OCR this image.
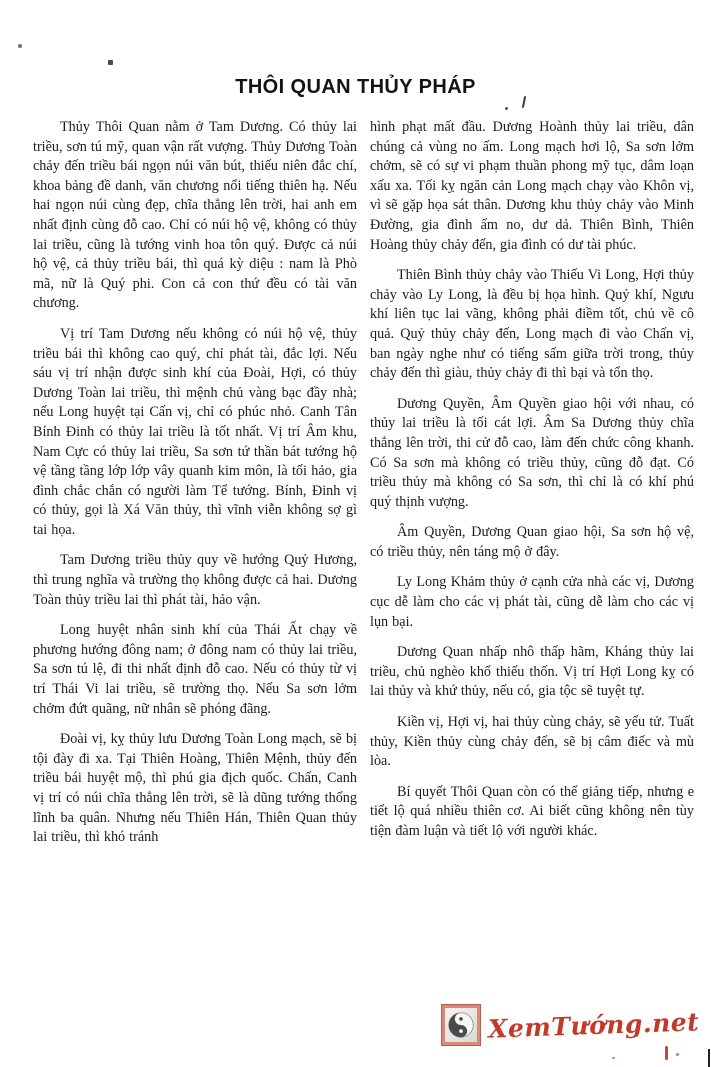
THÔI QUAN THỦY PHÁP

Thủy Thôi Quan nằm ở Tam Dương. Có thủy lai triều, sơn tú mỹ, quan vận rất vượng. Thủy Dương Toàn chảy đến triều bái ngọn núi văn bút, thiếu niên đắc chí, khoa bảng đề danh, văn chương nổi tiếng thiên hạ. Nếu hai ngọn núi cùng đẹp, chĩa thẳng lên trời, hai anh em nhất định cùng đỗ cao. Chỉ có núi hộ vệ, không có thủy lai triều, cũng là tướng vinh hoa tôn quý. Được cả núi hộ vệ, cả thủy triều bái, thì quá kỳ diệu : nam là Phò mã, nữ là Quý phi. Con cả con thứ đều có tài văn chương.

Vị trí Tam Dương nếu không có núi hộ vệ, thủy triều bái thì không cao quý, chỉ phát tài, đắc lợi. Nếu sáu vị trí nhận được sinh khí của Đoài, Hợi, có thủy Dương Toàn lai triều, thì mệnh chủ vàng bạc đầy nhà; nếu Long huyệt tại Cấn vị, chỉ có phúc nhỏ. Canh Tân Bính Đinh có thủy lai triều là tốt nhất. Vị trí Âm khu, Nam Cực có thủy lai triều, Sa sơn tứ thần bát tướng hộ vệ tầng tầng lớp lớp vây quanh kim môn, là tối hảo, gia đình chắc chắn có người làm Tể tướng. Bính, Đinh vị có thủy, gọi là Xá Văn thủy, thì vĩnh viễn không sợ gì tai họa.

Tam Dương triều thủy quy về hướng Quỷ Hương, thì trung nghĩa và trường thọ không được cả hai. Dương Toàn thủy triều lai thì phát tài, hảo vận.

Long huyệt nhân sinh khí của Thái Ất chạy về phương hướng đông nam; ở đông nam có thủy lai triều, Sa sơn tú lệ, đi thi nhất định đỗ cao. Nếu có thủy từ vị trí Thái Vi lai triều, sẽ trường thọ. Nếu Sa sơn lởm chởm đứt quãng, nữ nhân sẽ phóng đãng.

Đoài vị, kỵ thủy lưu Dương Toàn Long mạch, sẽ bị tội đày đi xa. Tại Thiên Hoàng, Thiên Mệnh, thủy đến triều bái huyệt mộ, thì phú gia địch quốc. Chấn, Canh vị trí có núi chĩa thẳng lên trời, sẽ là dũng tướng thống lĩnh ba quân. Nhưng nếu Thiên Hán, Thiên Quan thủy lai triều, thì khó tránh

hình phạt mất đầu. Dương Hoành thủy lai triều, dân chúng cả vùng no ấm. Long mạch hơi lộ, Sa sơn lởm chởm, sẽ có sự vi phạm thuần phong mỹ tục, dâm loạn xấu xa. Tối kỵ ngăn cản Long mạch chạy vào Khôn vị, vì sẽ gặp họa sát thân. Dương khu thủy chảy vào Minh Đường, gia đình ấm no, dư dả. Thiên Bình, Thiên Hoàng thủy chảy đến, gia đình có dư tài phúc.

Thiên Bình thủy chảy vào Thiếu Vi Long, Hợi thủy chảy vào Ly Long, là đều bị họa hình. Quỷ khí, Ngưu khí liên tục lai vãng, không phải điềm tốt, chủ về cô quả. Quỷ thủy chảy đến, Long mạch đi vào Chấn vị, ban ngày nghe như có tiếng sấm giữa trời trong, thủy chảy đến thì giàu, thủy chảy đi thì bại và tổn thọ.

Dương Quyền, Âm Quyền giao hội với nhau, có thủy lai triều là tối cát lợi. Âm Sa Dương thủy chĩa thẳng lên trời, thi cử đỗ cao, làm đến chức công khanh. Có Sa sơn mà không có triều thủy, cũng đỗ đạt. Có triều thủy mà không có Sa sơn, thì chỉ là có khí phú quý thịnh vượng.

Âm Quyền, Dương Quan giao hội, Sa sơn hộ vệ, có triều thủy, nên táng mộ ở đây.

Ly Long Khảm thủy ở cạnh cửa nhà các vị, Dương cục dễ làm cho các vị phát tài, cũng dễ làm cho các vị lụn bại.

Dương Quan nhấp nhô thấp hãm, Kháng thủy lai triều, chủ nghèo khổ thiếu thốn. Vị trí Hợi Long kỵ có lai thủy và khứ thủy, nếu có, gia tộc sẽ tuyệt tự.

Kiền vị, Hợi vị, hai thủy cùng chảy, sẽ yểu tử. Tuất thủy, Kiền thủy cùng chảy đến, sẽ bị câm điếc và mù lòa.

Bí quyết Thôi Quan còn có thể giảng tiếp, nhưng e tiết lộ quá nhiều thiên cơ. Ai biết cũng không nên tùy tiện đàm luận và tiết lộ với người khác.

XemTướng.net
